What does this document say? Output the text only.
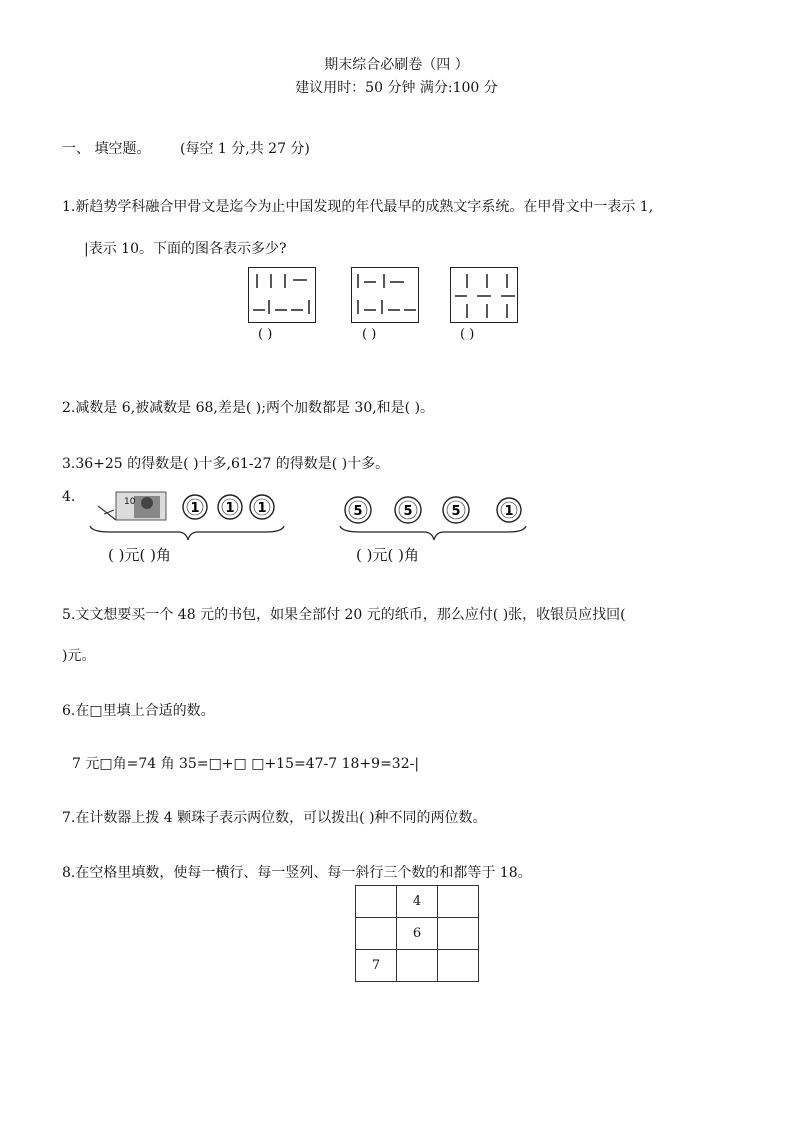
期末综合必刷卷（四 ）
建议用时：50 分钟 满分:100 分
一、 填空题。 (每空 1 分,共 27 分)
1.新趋势学科融合甲骨文是迄今为止中国发现的年代最早的成熟文字系统。在甲骨文中一表示 1,
|表示 10。下面的图各表示多少?
( )	( )	( )
2.减数是 6,被减数是 68,差是( );两个加数都是 30,和是( )。
3.36+25 的得数是( )十多,61-27 的得数是( )十多。
4.	10	1 1 1	5	5	5	1
( )元( )角	( )元( )角
5.文文想要买一个 48 元的书包，如果全部付 20 元的纸币，那么应付( )张，收银员应找回(
)元。
6.在□里填上合适的数。
7 元□角=74 角 35=□+□ □+15=47-7 18+9=32-|
7.在计数器上拨 4 颗珠子表示两位数，可以拨出( )种不同的两位数。
8.在空格里填数，使每一横行、每一竖列、每一斜行三个数的和都等于 18。
	4	
	6	
7		
